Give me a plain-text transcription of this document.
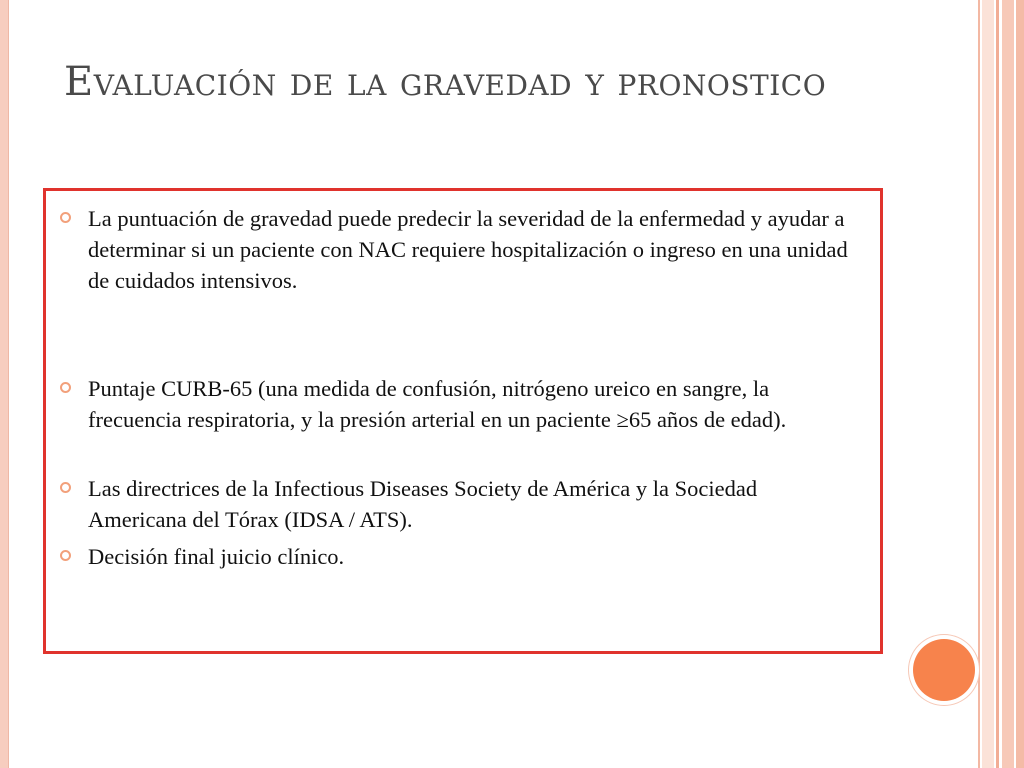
Evaluación de la gravedad y pronostico
La puntuación de gravedad puede predecir la severidad de la enfermedad y ayudar a determinar si un paciente con NAC requiere hospitalización o ingreso en una unidad de cuidados intensivos.
Puntaje CURB-65 (una medida de confusión, nitrógeno ureico en sangre, la frecuencia respiratoria, y la presión arterial en un paciente ≥65 años de edad).
Las directrices de la Infectious Diseases Society de América y la Sociedad Americana del Tórax (IDSA / ATS).
Decisión final juicio clínico.
